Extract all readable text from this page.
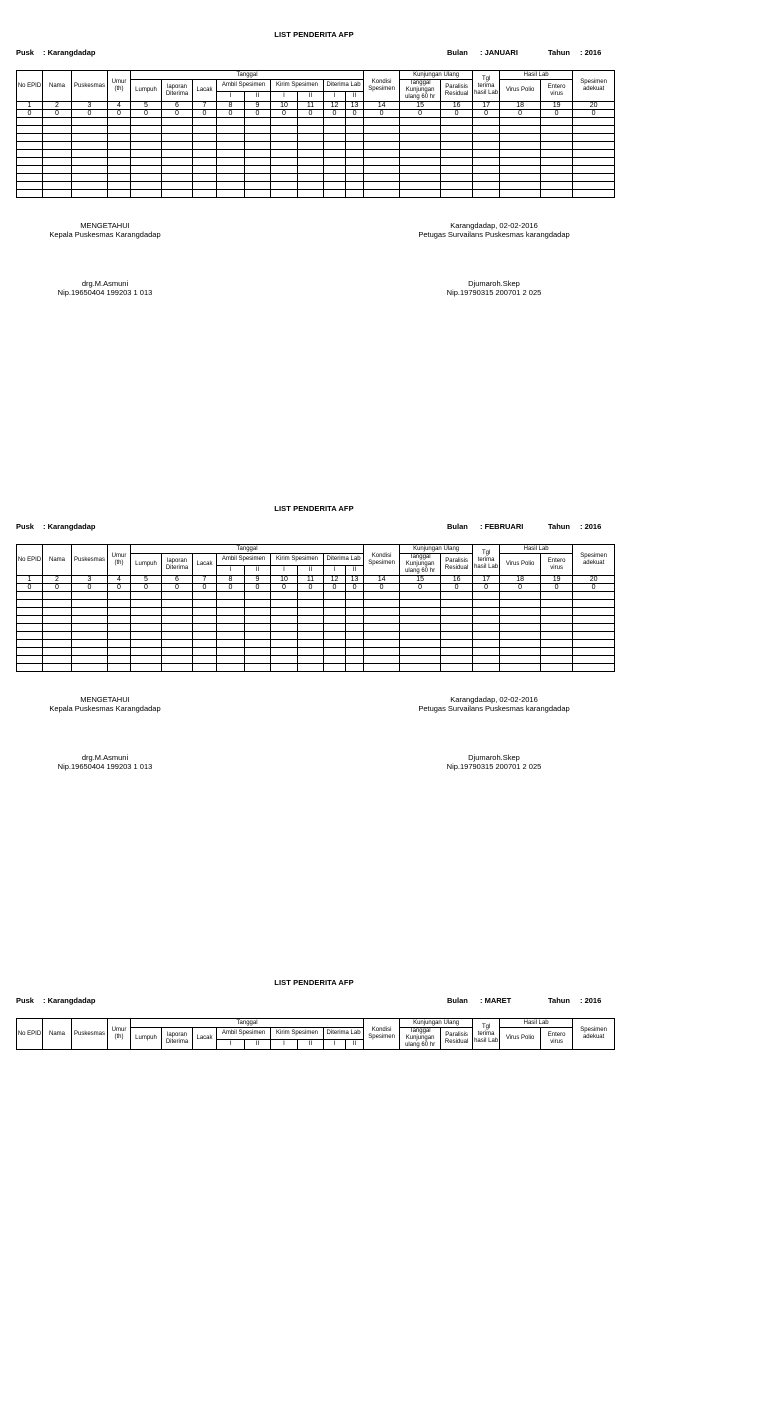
LIST PENDERITA AFP
Pusk : Karangdadap	Bulan : JANUARI	Tahun : 2016
No EPID	Nama	Puskesmas	Umur (th)	Tanggal									Kondisi Spesimen	Kunjungan Ulang		Tgl terima hasil Lab	Hasil Lab		Spesimen adekuat
				Lumpuh	laporan Diterima	Lacak	Ambil Spesimen		Kirim Spesimen		Diterima Lab			Tanggal Kunjungan ulang 60 hr	Paralisis Residual		Virus Polio	Entero virus	
							I	II	I	II	I	II							
1	2	3	4	5	6	7	8	9	10	11	12	13	14	15	16	17	18	19	20
0	0	0	0	0	0	0	0	0	0	0	0	0	0	0	0	0	0	0	0

MENGETAHUI
Kepala Puskesmas Karangdadap
drg.M.Asmuni
Nip.19650404 199203 1 013
Karangdadap, 02-02-2016
Petugas Survailans Puskesmas karangdadap
Djumaroh.Skep
Nip.19790315 200701 2 025
LIST PENDERITA AFP
Pusk : Karangdadap	Bulan : FEBRUARI	Tahun : 2016
No EPID	Nama	Puskesmas	Umur (th)	Tanggal									Kondisi Spesimen	Kunjungan Ulang		Tgl terima hasil Lab	Hasil Lab		Spesimen adekuat
				Lumpuh	laporan Diterima	Lacak	Ambil Spesimen		Kirim Spesimen		Diterima Lab			Tanggal Kunjungan ulang 60 hr	Paralisis Residual		Virus Polio	Entero virus	
							I	II	I	II	I	II							
1	2	3	4	5	6	7	8	9	10	11	12	13	14	15	16	17	18	19	20
0	0	0	0	0	0	0	0	0	0	0	0	0	0	0	0	0	0	0	0

MENGETAHUI
Kepala Puskesmas Karangdadap
drg.M.Asmuni
Nip.19650404 199203 1 013
Karangdadap, 02-02-2016
Petugas Survailans Puskesmas karangdadap
Djumaroh.Skep
Nip.19790315 200701 2 025
LIST PENDERITA AFP
Pusk : Karangdadap	Bulan : MARET	Tahun : 2016
No EPID	Nama	Puskesmas	Umur (th)	Tanggal									Kondisi Spesimen	Kunjungan Ulang		Tgl terima hasil Lab	Hasil Lab		Spesimen adekuat
				Lumpuh	laporan Diterima	Lacak	Ambil Spesimen		Kirim Spesimen		Diterima Lab			Tanggal Kunjungan ulang 60 hr	Paralisis Residual		Virus Polio	Entero virus	
							I	II	I	II	I	II							
